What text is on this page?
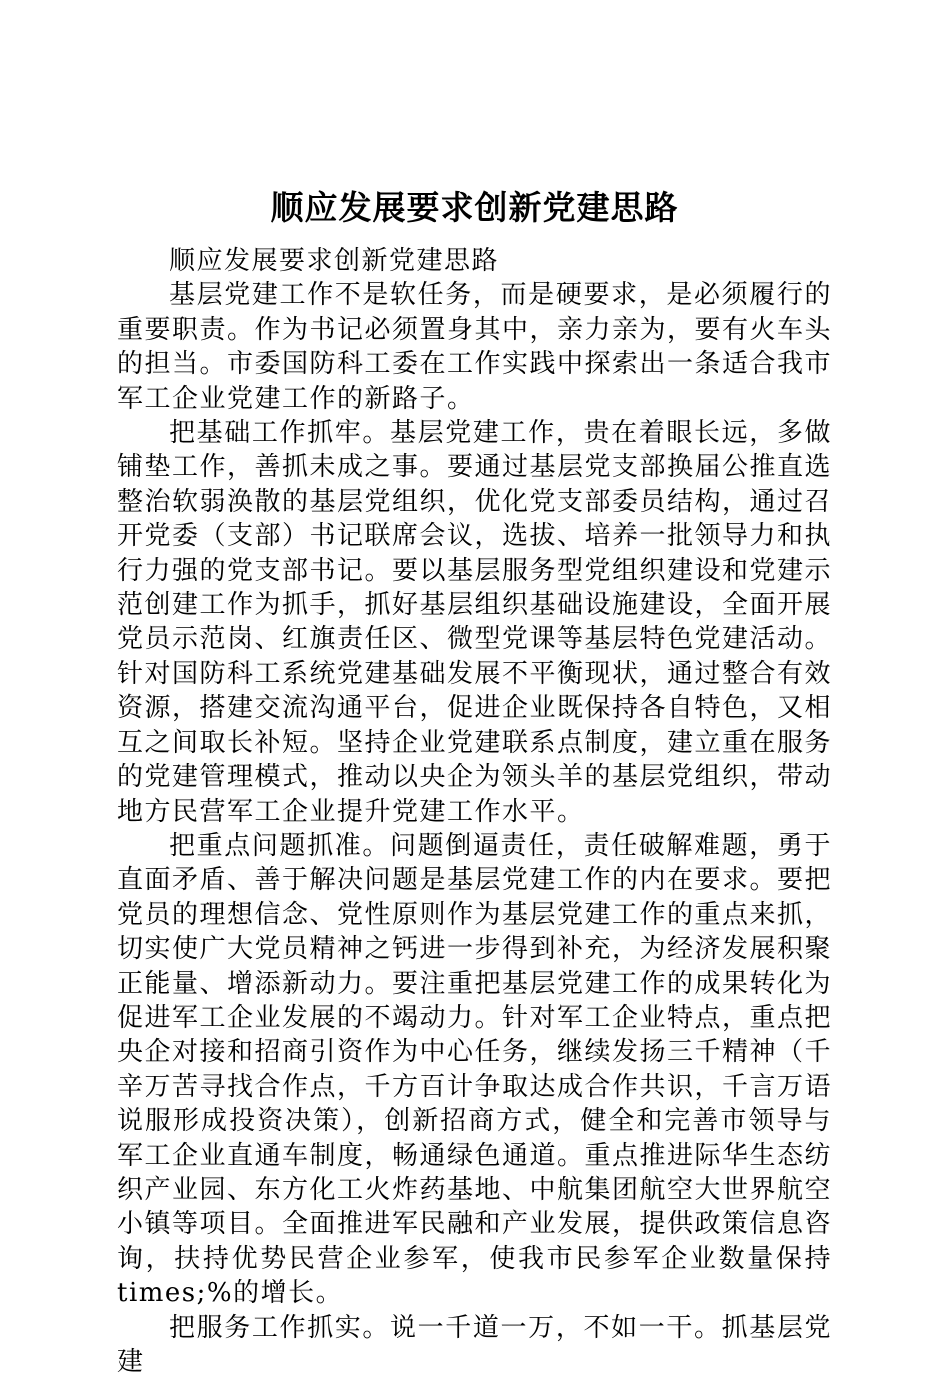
顺应发展要求创新党建思路

顺应发展要求创新党建思路

基层党建工作不是软任务，而是硬要求，是必须履行的重要职责。作为书记必须置身其中，亲力亲为，要有火车头的担当。市委国防科工委在工作实践中探索出一条适合我市军工企业党建工作的新路子。

把基础工作抓牢。基层党建工作，贵在着眼长远，多做铺垫工作，善抓未成之事。要通过基层党支部换届公推直选整治软弱涣散的基层党组织，优化党支部委员结构，通过召开党委（支部）书记联席会议，选拔、培养一批领导力和执行力强的党支部书记。要以基层服务型党组织建设和党建示范创建工作为抓手，抓好基层组织基础设施建设，全面开展党员示范岗、红旗责任区、微型党课等基层特色党建活动。针对国防科工系统党建基础发展不平衡现状，通过整合有效资源，搭建交流沟通平台，促进企业既保持各自特色，又相互之间取长补短。坚持企业党建联系点制度，建立重在服务的党建管理模式，推动以央企为领头羊的基层党组织，带动地方民营军工企业提升党建工作水平。

把重点问题抓准。问题倒逼责任，责任破解难题，勇于直面矛盾、善于解决问题是基层党建工作的内在要求。要把党员的理想信念、党性原则作为基层党建工作的重点来抓，切实使广大党员精神之钙进一步得到补充，为经济发展积聚正能量、增添新动力。要注重把基层党建工作的成果转化为促进军工企业发展的不竭动力。针对军工企业特点，重点把央企对接和招商引资作为中心任务，继续发扬三千精神（千辛万苦寻找合作点，千方百计争取达成合作共识，千言万语说服形成投资决策），创新招商方式，健全和完善市领导与军工企业直通车制度，畅通绿色通道。重点推进际华生态纺织产业园、东方化工火炸药基地、中航集团航空大世界航空小镇等项目。全面推进军民融和产业发展，提供政策信息咨询，扶持优势民营企业参军，使我市民参军企业数量保持times;%的增长。

把服务工作抓实。说一千道一万，不如一干。抓基层党建
